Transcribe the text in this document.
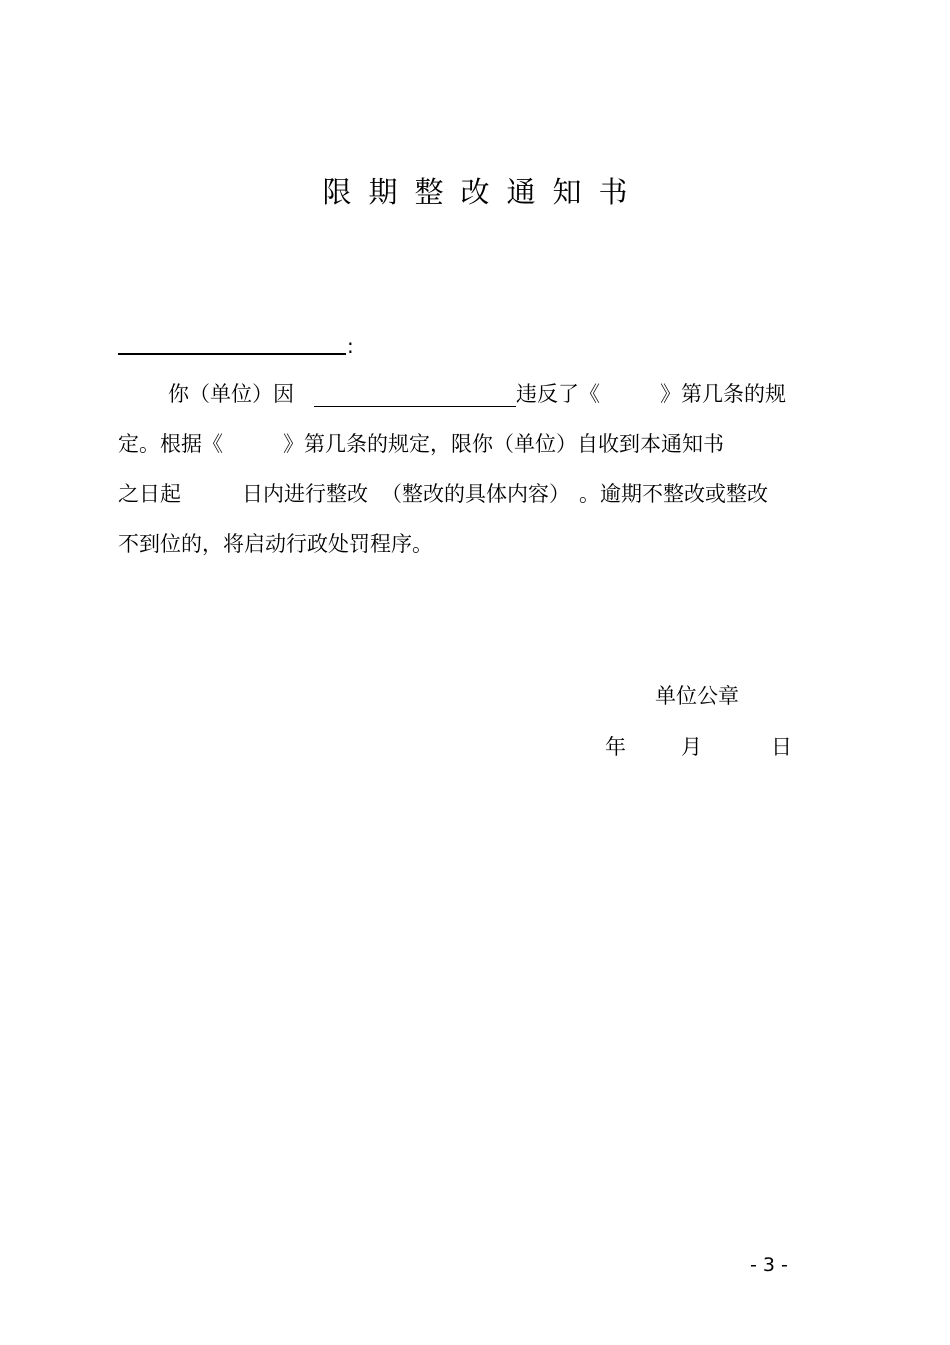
限期整改通知书
:
你（单位）因	违反了《	》第几条的规
定。根据《	》第几条的规定，限你（单位）自收到本通知书
之日起	日内进行整改 （整改的具体内容） 。逾期不整改或整改
不到位的，将启动行政处罚程序。
单位公章
年	月	日
- 3 -
